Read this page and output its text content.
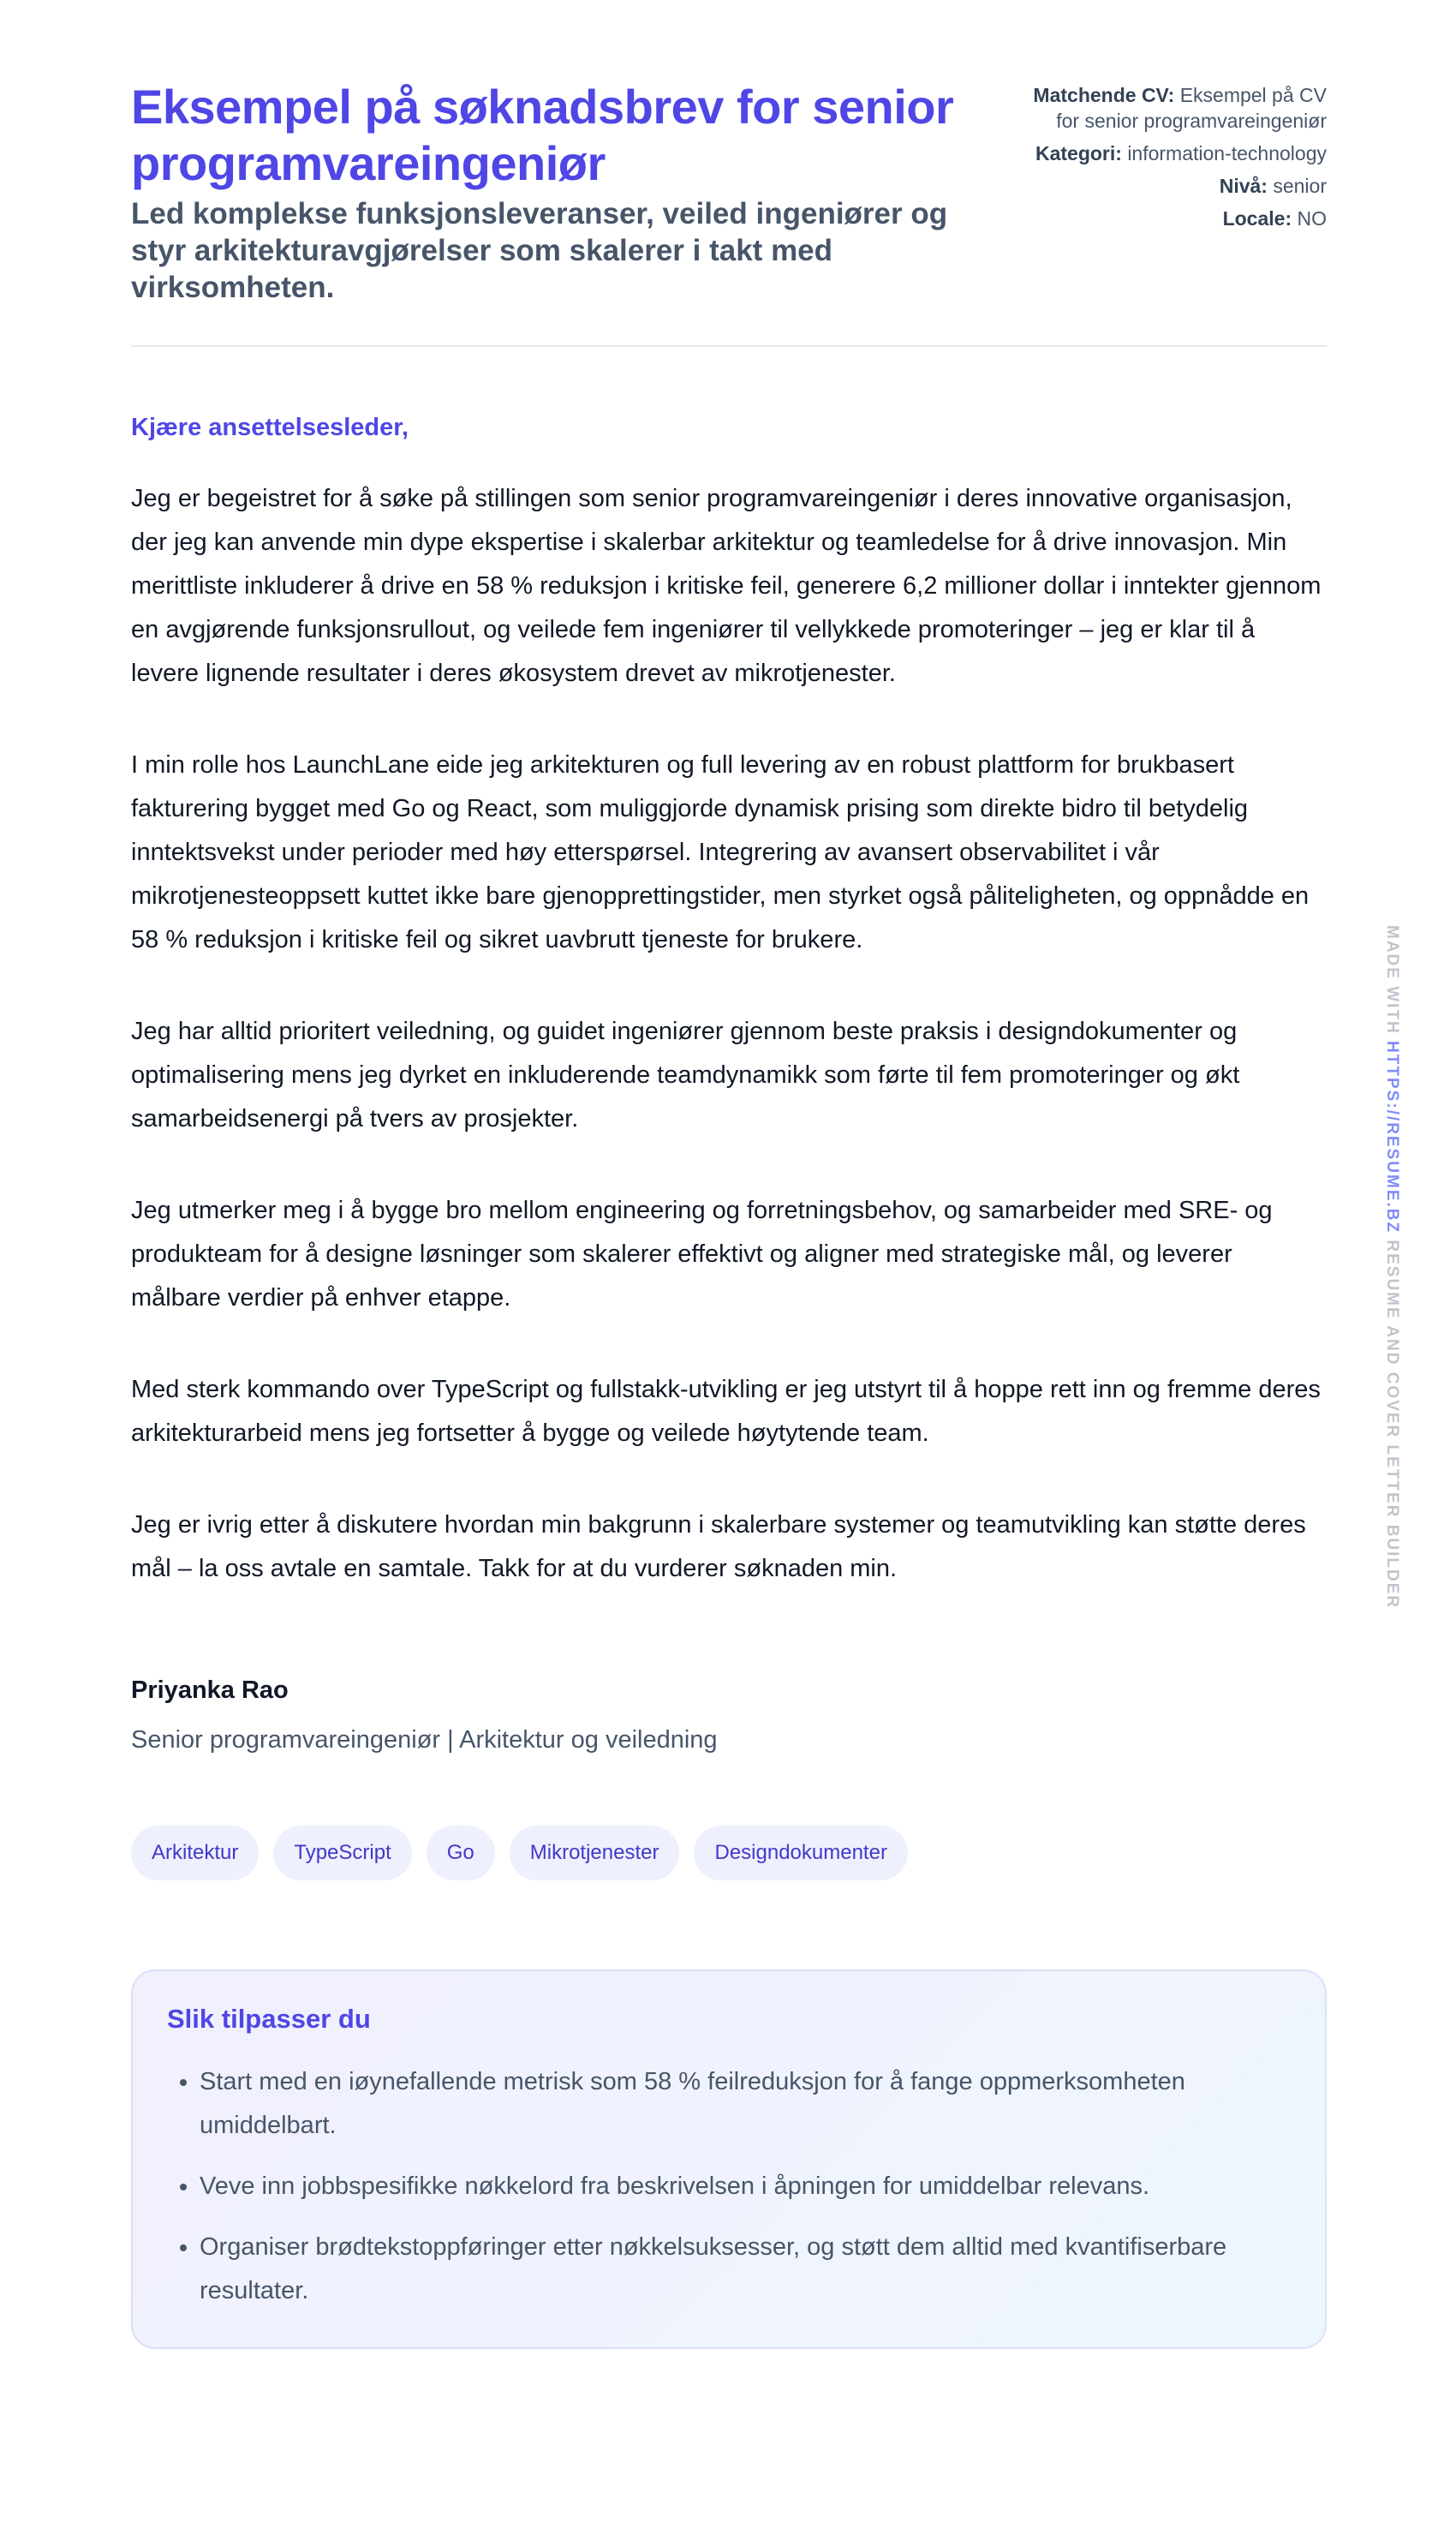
Eksempel på søknadsbrev for senior programvareingeniør

Led komplekse funksjonsleveranser, veiled ingeniører og styr arkitekturavgjørelser som skalerer i takt med virksomheten.

Matchende CV: Eksempel på CV for senior programvareingeniør
Kategori: information-technology
Nivå: senior
Locale: NO
Kjære ansettelsesleder,

Jeg er begeistret for å søke på stillingen som senior programvareingeniør i deres innovative organisasjon, der jeg kan anvende min dype ekspertise i skalerbar arkitektur og teamledelse for å drive innovasjon. Min merittliste inkluderer å drive en 58 % reduksjon i kritiske feil, generere 6,2 millioner dollar i inntekter gjennom en avgjørende funksjonsrullout, og veilede fem ingeniører til vellykkede promoteringer – jeg er klar til å levere lignende resultater i deres økosystem drevet av mikrotjenester.

I min rolle hos LaunchLane eide jeg arkitekturen og full levering av en robust plattform for brukbasert fakturering bygget med Go og React, som muliggjorde dynamisk prising som direkte bidro til betydelig inntektsvekst under perioder med høy etterspørsel. Integrering av avansert observabilitet i vår mikrotjenesteoppsett kuttet ikke bare gjenopprettingstider, men styrket også påliteligheten, og oppnådde en 58 % reduksjon i kritiske feil og sikret uavbrutt tjeneste for brukere.

Jeg har alltid prioritert veiledning, og guidet ingeniører gjennom beste praksis i designdokumenter og optimalisering mens jeg dyrket en inkluderende teamdynamikk som førte til fem promoteringer og økt samarbeidsenergi på tvers av prosjekter.

Jeg utmerker meg i å bygge bro mellom engineering og forretningsbehov, og samarbeider med SRE- og produkteam for å designe løsninger som skalerer effektivt og aligner med strategiske mål, og leverer målbare verdier på enhver etappe.

Med sterk kommando over TypeScript og fullstakk-utvikling er jeg utstyrt til å hoppe rett inn og fremme deres arkitekturarbeid mens jeg fortsetter å bygge og veilede høytytende team.

Jeg er ivrig etter å diskutere hvordan min bakgrunn i skalerbare systemer og teamutvikling kan støtte deres mål – la oss avtale en samtale. Takk for at du vurderer søknaden min.

Priyanka Rao
Senior programvareingeniør | Arkitektur og veiledning
Arkitektur	TypeScript	Go	Mikrotjenester	Designdokumenter
Slik tilpasser du
• Start med en iøynefallende metrisk som 58 % feilreduksjon for å fange oppmerksomheten umiddelbart.
• Veve inn jobbspesifikke nøkkelord fra beskrivelsen i åpningen for umiddelbar relevans.
• Organiser brødtekstoppføringer etter nøkkelsuksesser, og støtt dem alltid med kvantifiserbare resultater.
MADE WITH HTTPS://RESUME.BZ RESUME AND COVER LETTER BUILDER
